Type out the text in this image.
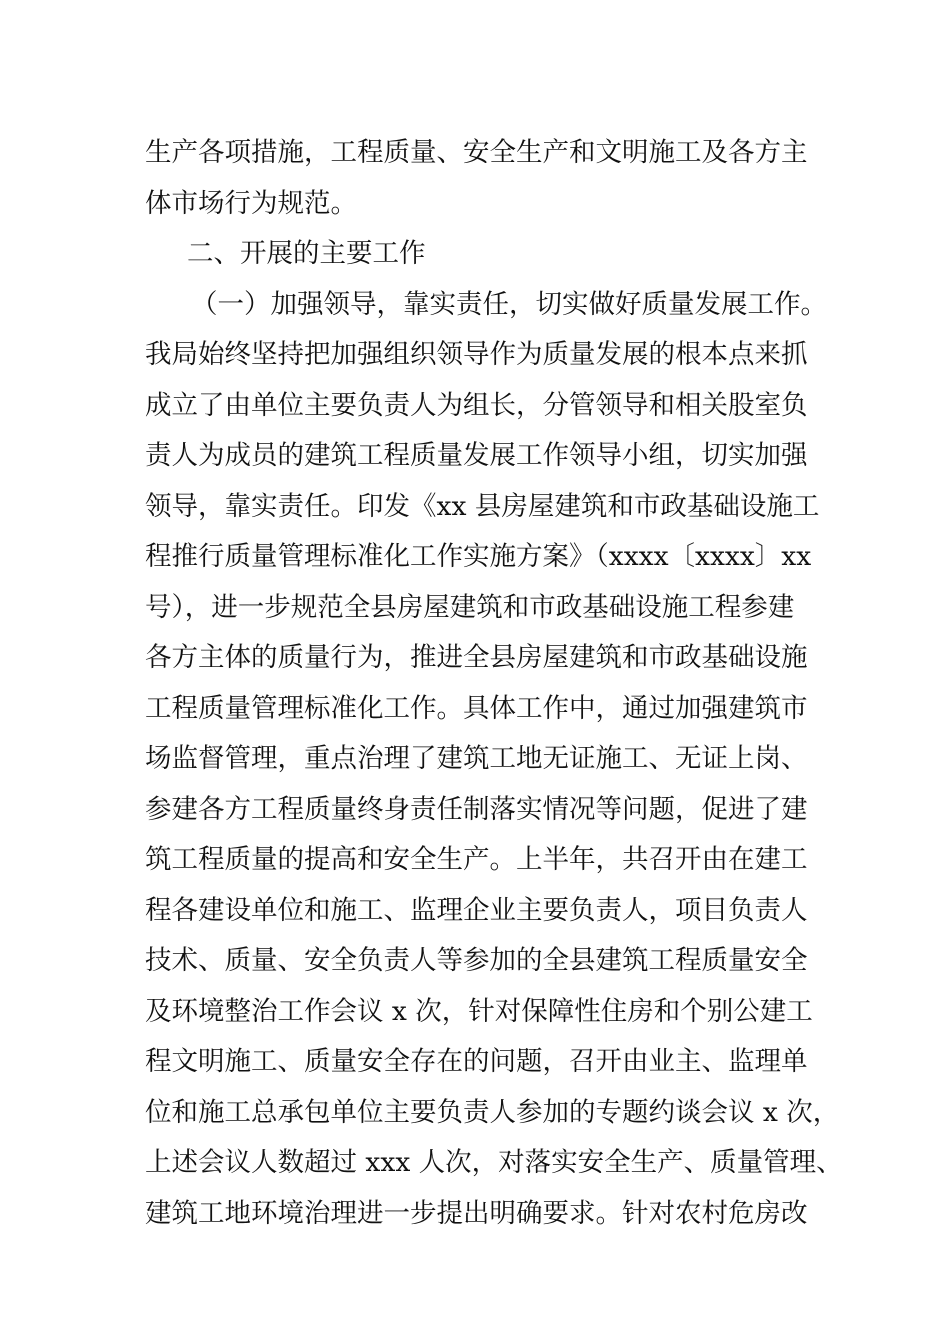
生产各项措施，工程质量、安全生产和文明施工及各方主
体市场行为规范。
二、开展的主要工作
（一）加强领导，靠实责任，切实做好质量发展工作。
我局始终坚持把加强组织领导作为质量发展的根本点来抓
成立了由单位主要负责人为组长，分管领导和相关股室负
责人为成员的建筑工程质量发展工作领导小组，切实加强
领导，靠实责任。印发《xx 县房屋建筑和市政基础设施工
程推行质量管理标准化工作实施方案》（xxxx〔xxxx〕xx
号），进一步规范全县房屋建筑和市政基础设施工程参建
各方主体的质量行为，推进全县房屋建筑和市政基础设施
工程质量管理标准化工作。具体工作中，通过加强建筑市
场监督管理，重点治理了建筑工地无证施工、无证上岗、
参建各方工程质量终身责任制落实情况等问题，促进了建
筑工程质量的提高和安全生产。上半年，共召开由在建工
程各建设单位和施工、监理企业主要负责人，项目负责人
技术、质量、安全负责人等参加的全县建筑工程质量安全
及环境整治工作会议 x 次，针对保障性住房和个别公建工
程文明施工、质量安全存在的问题，召开由业主、监理单
位和施工总承包单位主要负责人参加的专题约谈会议 x 次，
上述会议人数超过 xxx 人次，对落实安全生产、质量管理、
建筑工地环境治理进一步提出明确要求。针对农村危房改
